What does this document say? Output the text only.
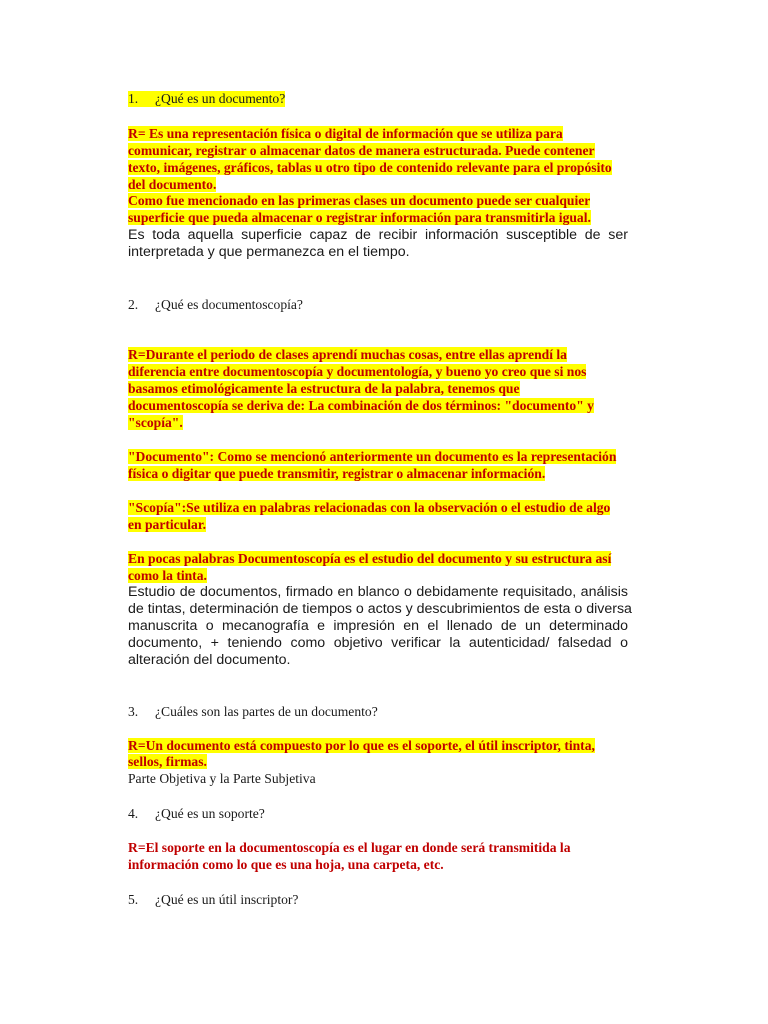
1. ¿Qué es un documento?
R= Es una representación física o digital de información que se utiliza para
comunicar, registrar o almacenar datos de manera estructurada. Puede contener
texto, imágenes, gráficos, tablas u otro tipo de contenido relevante para el propósito
del documento.
Como fue mencionado en las primeras clases un documento puede ser cualquier
superficie que pueda almacenar o registrar información para transmitirla igual.
Es toda aquella superficie capaz de recibir información susceptible de ser
interpretada y que permanezca en el tiempo.
2. ¿Qué es documentoscopía?
R=Durante el periodo de clases aprendí muchas cosas, entre ellas aprendí la
diferencia entre documentoscopía y documentología, y bueno yo creo que si nos
basamos etimológicamente la estructura de la palabra, tenemos que
documentoscopía se deriva de: La combinación de dos términos: "documento" y
"scopía".
"Documento": Como se mencionó anteriormente un documento es la representación
física o digitar que puede transmitir, registrar o almacenar información.
"Scopía":Se utiliza en palabras relacionadas con la observación o el estudio de algo
en particular.
En pocas palabras Documentoscopía es el estudio del documento y su estructura así
como la tinta.
Estudio de documentos, firmado en blanco o debidamente requisitado, análisis
de tintas, determinación de tiempos o actos y descubrimientos de esta o diversa
manuscrita o mecanografía e impresión en el llenado de un determinado
documento, + teniendo como objetivo verificar la autenticidad/ falsedad o
alteración del documento.
3. ¿Cuáles son las partes de un documento?
R=Un documento está compuesto por lo que es el soporte, el útil inscriptor, tinta,
sellos, firmas.
Parte Objetiva y la Parte Subjetiva
4. ¿Qué es un soporte?
R=El soporte en la documentoscopía es el lugar en donde será transmitida la
información como lo que es una hoja, una carpeta, etc.
5. ¿Qué es un útil inscriptor?
